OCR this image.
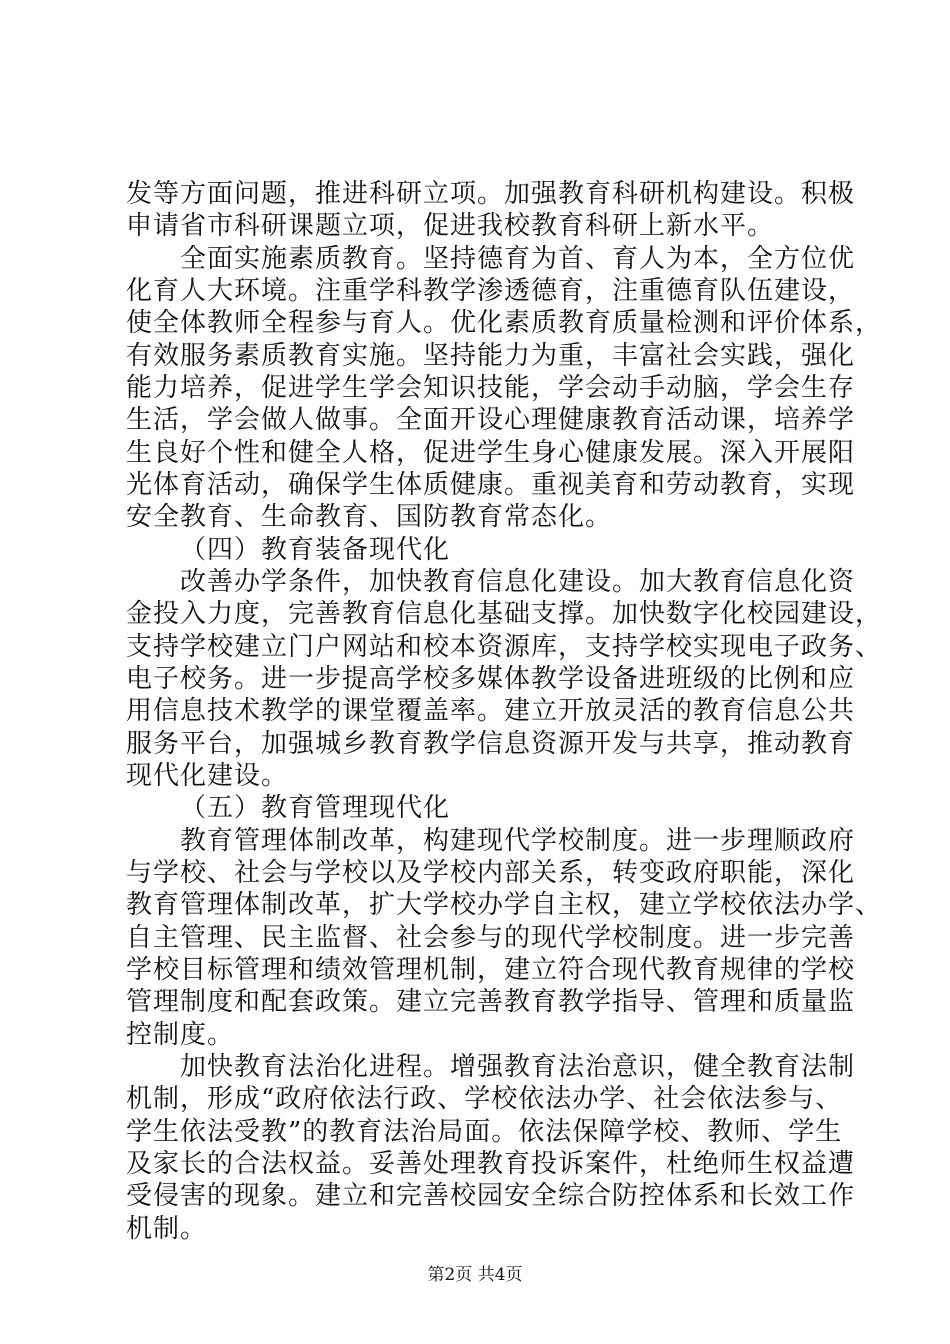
发等方面问题，推进科研立项。加强教育科研机构建设。积极
申请省市科研课题立项，促进我校教育科研上新水平。
全面实施素质教育。坚持德育为首、育人为本，全方位优
化育人大环境。注重学科教学渗透德育，注重德育队伍建设，
使全体教师全程参与育人。优化素质教育质量检测和评价体系，
有效服务素质教育实施。坚持能力为重，丰富社会实践，强化
能力培养，促进学生学会知识技能，学会动手动脑，学会生存
生活，学会做人做事。全面开设心理健康教育活动课，培养学
生良好个性和健全人格，促进学生身心健康发展。深入开展阳
光体育活动，确保学生体质健康。重视美育和劳动教育，实现
安全教育、生命教育、国防教育常态化。
（四）教育装备现代化
改善办学条件，加快教育信息化建设。加大教育信息化资
金投入力度，完善教育信息化基础支撑。加快数字化校园建设，
支持学校建立门户网站和校本资源库，支持学校实现电子政务、
电子校务。进一步提高学校多媒体教学设备进班级的比例和应
用信息技术教学的课堂覆盖率。建立开放灵活的教育信息公共
服务平台，加强城乡教育教学信息资源开发与共享，推动教育
现代化建设。
（五）教育管理现代化
教育管理体制改革，构建现代学校制度。进一步理顺政府
与学校、社会与学校以及学校内部关系，转变政府职能，深化
教育管理体制改革，扩大学校办学自主权，建立学校依法办学、
自主管理、民主监督、社会参与的现代学校制度。进一步完善
学校目标管理和绩效管理机制，建立符合现代教育规律的学校
管理制度和配套政策。建立完善教育教学指导、管理和质量监
控制度。
加快教育法治化进程。增强教育法治意识，健全教育法制
机制，形成“政府依法行政、学校依法办学、社会依法参与、
学生依法受教”的教育法治局面。依法保障学校、教师、学生
及家长的合法权益。妥善处理教育投诉案件，杜绝师生权益遭
受侵害的现象。建立和完善校园安全综合防控体系和长效工作
机制。
第2页 共4页
